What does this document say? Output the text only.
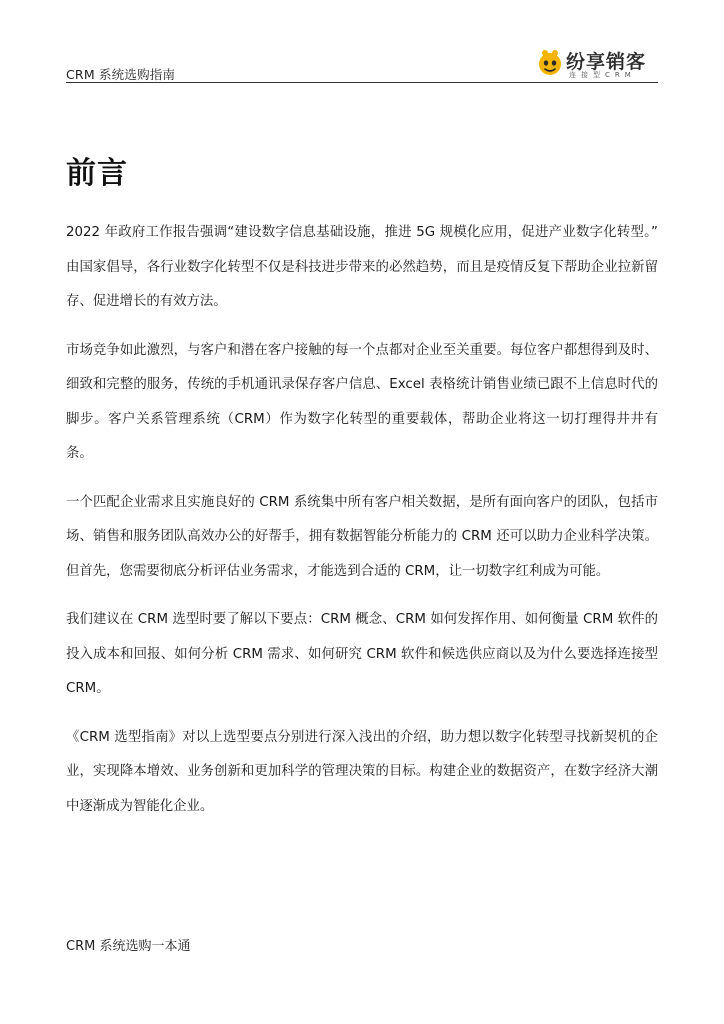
CRM 系统选购指南
纷享销客
连接型CRM
前言

2022 年政府工作报告强调“建设数字信息基础设施，推进 5G 规模化应用，促进产业数字化转型。” 由国家倡导，各行业数字化转型不仅是科技进步带来的必然趋势，而且是疫情反复下帮助企业拉新留存、促进增长的有效方法。

市场竞争如此激烈，与客户和潜在客户接触的每一个点都对企业至关重要。每位客户都想得到及时、细致和完整的服务，传统的手机通讯录保存客户信息、Excel 表格统计销售业绩已跟不上信息时代的脚步。客户关系管理系统（CRM）作为数字化转型的重要载体，帮助企业将这一切打理得井井有条。

一个匹配企业需求且实施良好的 CRM 系统集中所有客户相关数据，是所有面向客户的团队，包括市场、销售和服务团队高效办公的好帮手，拥有数据智能分析能力的 CRM 还可以助力企业科学决策。但首先，您需要彻底分析评估业务需求，才能选到合适的 CRM，让一切数字红利成为可能。

我们建议在 CRM 选型时要了解以下要点：CRM 概念、CRM 如何发挥作用、如何衡量 CRM 软件的投入成本和回报、如何分析 CRM 需求、如何研究 CRM 软件和候选供应商以及为什么要选择连接型 CRM。

《CRM 选型指南》对以上选型要点分别进行深入浅出的介绍，助力想以数字化转型寻找新契机的企业，实现降本增效、业务创新和更加科学的管理决策的目标。构建企业的数据资产，在数字经济大潮中逐渐成为智能化企业。

CRM 系统选购一本通
